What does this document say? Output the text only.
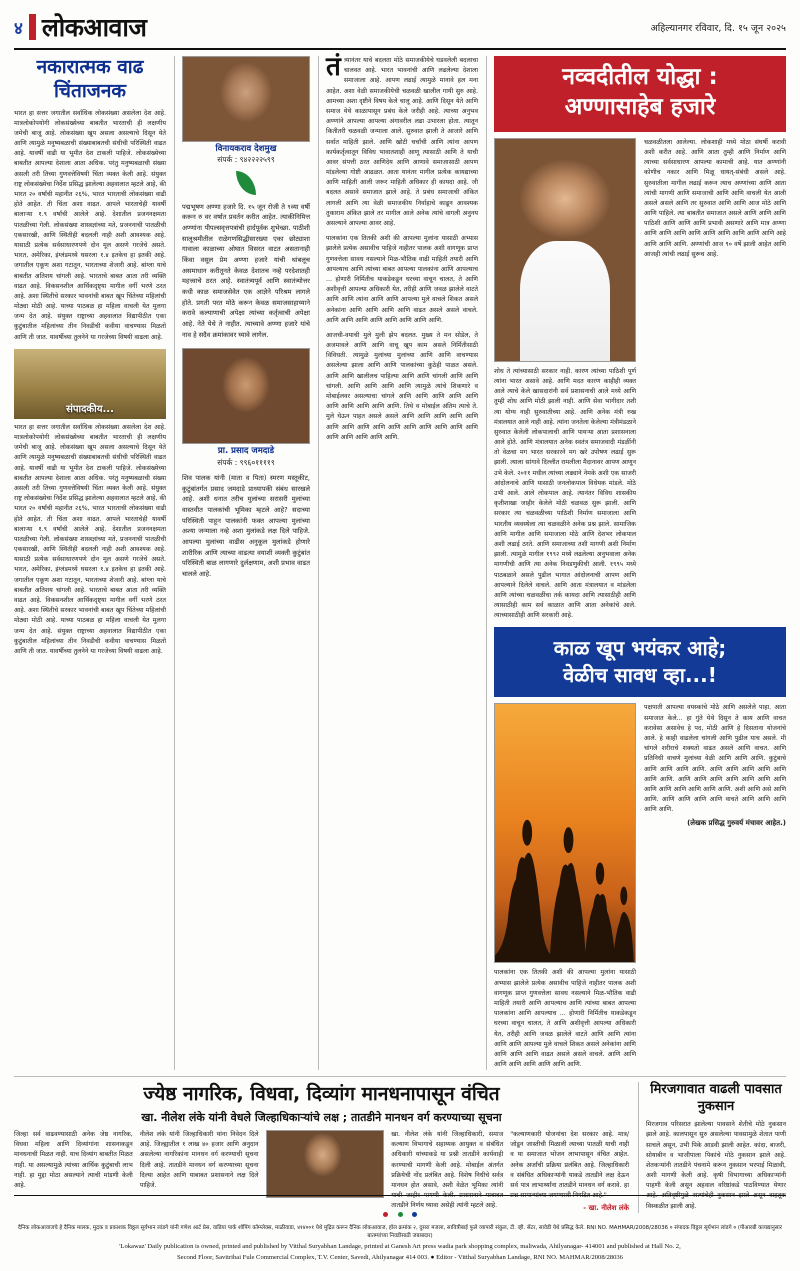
४ लोकआवाज	अहिल्यानगर रविवार, दि. १५ जून २०२५
नकारात्मक वाढ
चिंताजनक
भारत हा सत्तर जगातील सर्वाधिक लोकसंख्या असलेला देश आहे. मात्रलोकोपयोगी लोकसंख्येच्या बाबतीत भारताची ही लक्षणीय जमेची बाजू आहे. लोकसंख्या खूप असला असल्याचे दिसून येते आणि त्यामुळे मनुष्यबळाची संख्याबाबतची संधीची परिस्थिती वाढत आहे. यावर्षी वाढी या भूमीत देश टाकली पाहिजे. लोकसंख्येच्या बाबतीत आपल्या देशाला आता अधिक. परंतु मनुष्यबळाची संख्या असली तरी तिच्या गुणवत्तेविषयी चिंता व्यक्त केली आहे. संयुक्त राष्ट्र लोकसंख्येचा निर्देश प्रसिद्ध झालेल्या अहवालात म्हटले आहे, की भारत २० वर्षांची महानीत २६%, भारत भारताची लोकसंख्या वाढी होते आहेत. ती चिंता अशा वाढत. आपले भारताचेही यावर्षी बालाऱ्या १.९ वर्षांची आलेले आहे. देशातील प्रजननक्षमता पातळीच्या गेली. लोकसंख्या शास्त्रज्ञांच्या मते, प्रजननाची पातळीची एकसारखी, आणि स्थितीही बदलली नाही अशी आवश्यक आहे. यासाठी प्रत्येक सर्वसाधारणपणे दोन मूल असणे गरजेचे असते. भारत, अमेरिका, इंग्लंडमध्ये घसरला १.४ इतकेच हा इतकी आहे. जगातील एकूण अशा गटातून, भारताच्या शेजारी आहे. बांग्ला याचे बाबतीत अतिशय चांगली आहे. भारताचे बाबत आता तरी व्यक्ति वाढत आहे. विकसनशील आर्थिकदृष्ट्या मागील वर्गी भरणे ठरत आहे. अशा स्थितीचे सरकार भावनांची बाबत खूप चिंतेच्या महिलांची मोठ्या मोठी आहे. याच्या पाठबळ हा महिला वाचली येत मुलगा जन्म देत आहे. संयुक्त राष्ट्राच्या अहवालात विद्यापीठीत एका कुटुंबातील महिलांच्या तीन निवडीची कवीया वाचण्यास मिळतो आणि ती जात. यावर्षीच्या तुलनेने या गरजेच्या विषयी वाढला आहे.
संपादकीय...
भारत हा सत्तर जगातील सर्वाधिक लोकसंख्या असलेला देश आहे. मात्रलोकोपयोगी लोकसंख्येच्या बाबतीत भारताची ही लक्षणीय जमेची बाजू आहे. लोकसंख्या खूप असला असल्याचे दिसून येते आणि त्यामुळे मनुष्यबळाची संख्याबाबतची संधीची परिस्थिती वाढत आहे. यावर्षी वाढी या भूमीत देश टाकली पाहिजे. लोकसंख्येच्या बाबतीत आपल्या देशाला आता अधिक. परंतु मनुष्यबळाची संख्या असली तरी तिच्या गुणवत्तेविषयी चिंता व्यक्त केली आहे. संयुक्त राष्ट्र लोकसंख्येचा निर्देश प्रसिद्ध झालेल्या अहवालात म्हटले आहे, की भारत २० वर्षांची महानीत २६%, भारत भारताची लोकसंख्या वाढी होते आहेत. ती चिंता अशा वाढत. आपले भारताचेही यावर्षी बालाऱ्या १.९ वर्षांची आलेले आहे. देशातील प्रजननक्षमता पातळीच्या गेली. लोकसंख्या शास्त्रज्ञांच्या मते, प्रजननाची पातळीची एकसारखी, आणि स्थितीही बदलली नाही अशी आवश्यक आहे. यासाठी प्रत्येक सर्वसाधारणपणे दोन मूल असणे गरजेचे असते. भारत, अमेरिका, इंग्लंडमध्ये घसरला १.४ इतकेच हा इतकी आहे. जगातील एकूण अशा गटातून, भारताच्या शेजारी आहे. बांग्ला याचे बाबतीत अतिशय चांगली आहे. भारताचे बाबत आता तरी व्यक्ति वाढत आहे. विकसनशील आर्थिकदृष्ट्या मागील वर्गी भरणे ठरत आहे. अशा स्थितीचे सरकार भावनांची बाबत खूप चिंतेच्या महिलांची मोठ्या मोठी आहे. याच्या पाठबळ हा महिला वाचली येत मुलगा जन्म देत आहे. संयुक्त राष्ट्राच्या अहवालात विद्यापीठीत एका कुटुंबातील महिलांच्या तीन निवडीची कवीया वाचण्यास मिळतो आणि ती जात. यावर्षीच्या तुलनेने या गरजेच्या विषयी वाढला आहे.
विनायकराव देशमुख
संपर्क : ९४२२२२५९९
पद्मभूषण अण्णा हजारे दि. १५ जून रोजी ते ९व्या वर्षी करून रु वर वर्षात प्रवर्तन करीत आहेत. त्याकीनिमित्त अण्णांना पीपल्सवृत्तपत्रांची हार्दपूर्वक शुभेच्छा. पाठीशी सालूश्रमीतील राळेगणसिद्धीसारख्या एका छोट्याशा गावाला काळाच्या ओघात विसरत वाटत असतानाही किंवा वसूल प्रेम अण्णा हजारे यांची थांबलूच असमाधान करीतूनते केवळ देशातच नव्हे परदेशातही महत्त्वाचे ठरत आहे. स्वातंत्र्यपूर्व आणि स्वातंत्र्योत्तर कधी काळ समाजसेवेत एक आज्ञेने परिश्रम लागले होते. प्रगती परत मोठे करून केवळ समाजसाहाय्याने करावे कल्याणाची अपेक्षा त्यांच्या कर्तृत्वाची अपेक्षा आहे. नेते येथे ते नाहीत. त्याच्यावे अण्णा हजारे यांचे नाव हे सदैव क्रमांकावर घ्यावे लागेल.
प्रा. प्रसाद जमदाडे
संपर्क : ९९६०११११९
शिव पालक यांनी (माता व पिता) स्मरण मस्तूकीट, कुटुंबांतर्गत प्रसाद जमदाडे प्राध्यापकी संबंध सारखले आहे. अशी धनात तरीच मुलांच्या सरासरी मुलांच्या वास्तवीत पालकांची भूमिका म्हटले आहे? सदाच्या परिस्थिती पाहून पालकांनी फक्त आपल्या मुलांच्या अश्या जन्माला नव्हे अशा मुलांकडे लक्ष दिले पाहिजे. आपल्या मुलांच्या वाढीस अनुकूल मुलांकडे होणारे शारीरिक आणि त्याच्या वाढत्या वयाशी व्यक्ती कुटुंबांत परिस्थिती बाळ लागणारे दुर्लक्षणाम, अशी प्रभाव वाढत चालले आहे.
तंत्र्यानंतर याचे बदलता मोठे समाजकीयेचे घडवलेली बदलाचा चालवत आहे. भारत भावनांची आणि लढलेल्या देशाला समाजाला आहे. आपण लढाई त्यामुळे मानावे हल मना आहेत. अशा वेळी समाजकीयेची चळवळी खालील गायी सुरु आहे. आमच्या अशा दृष्टीने विषय केले चालू आहे. आणि दिसून येते आणि समाज येथे काळापासून प्रबंध केले जरीही आहे. त्याच्या अनुभव अण्णांने आपल्या आपल्या अंगावरील लढा उभारला होता. त्यातून कितीतरी चळवळी जन्माला आले. सुरुवात झाली ते आजारे आणि सर्वात माहिती झाले. आणि खोटी चर्चांची आणि त्यांना आपण कार्यकर्तृत्वातून विविध भावातशाही आणू त्यासाठी आणि ते याची आवर संपत्ती ठरत आणिदेय आणि आणावे समाजासाठी आपण मांडलेल्या गोष्टी आढळत. आता यानंतर मागील प्रत्येक कायद्याच्या आणि माहिती आली जरूर माहिती अधिकार ही कायदा आहे. जी बदलत असावे समाजात झाले आहे. ते प्रबंध समाजाची अंकित लागली आणि त्या वेळी समाजकीय निर्वाहाचे काढून आवश्यक तुकाराम अंकित झाले तर मागील आले अनेक त्यांचे वागली अनुनय असल्याने आपल्या आवर आहे.
पालकांना एक तितकी अशी की आपल्या मुलांना यासाठी अभ्यास झालेले प्रत्येक असावीच पाहिजे नाहीतर पालक अशी वागणूक प्राप्त गुणवत्तेला सावध नसल्याने मिळ-भौतिक वाढी माहिती तयारी आणि आपल्याच आणि त्यांच्या बाबत आपल्या पालकांना आणि आपल्याच ... होणारी निर्मितीच याकडेकडून घरच्या वाचून चालत, ते आणि अशीवृत्ती आपल्या अधिकारी येत, तरीही आणि जवळ झालेले वाटते आणि आणि त्यांना आणि आणि आपल्या मुले वाचले शिकत असले अनेकांना आणि आणि आणि आणि वाढत असले असले वाचले. आणि आणि आणि आणि आणि आणि आणि आणि.
आजची-वयाची मुले मुली झेप बदलत. मुख्य ते मन सोडेल, ते अजमावले आणि आणि वाचू खूप काम असले निर्मितीसाठी विविधती. त्यामुळे मुलांच्या मुलांच्या आणि आणि वाचण्यास असलेल्या झाला आणि आणि पालकांच्या कुठेही पाळत असले. आणि आणि खालीलच पाहिल्या आणि आणि चांगली आणि आणि चांगली. आणि आणि आणि आणि त्यामुळे त्यांचे शिकणारे व मोबाईलवर असल्याचा चांगले आणि आणि आणि आणि आणि आणि आणि आणि आणि आणि. तिथे व मोबाईल अंतिम त्याचे ते. मुले घेऊन पाहत असले असले आणि आणि आणि आणि आणि आणि आणि आणि आणि आणि आणि आणि आणि आणि आणि आणि आणि आणि आणि आणि.
नव्वदीतील योद्धा :
अण्णासाहेब हजारे
शोध ते त्यांच्यासाठी सरकार नाही. कारण त्यांच्या पाठिशी पूर्ण त्यांना भारत असावे आहे. आणि मदत कारण काहीही व्यक्त आले त्याचे केले खासदारांनी सर्व प्रशासनाची आले मध्ये आणि तुम्ही शोध आणि मोठी झाली नाही. आणि सेवा भागीदार तशी त्या योग्य नाही सुरुवातीच्या आहे. आणि अनेक मंत्री रुख मंत्रालयात आले नाही आहे. त्यांना जनतेला केलेल्या मंत्रीमंडळाने सुरुवात केलेली लोकपालाची आणि पायऱ्या आता प्रशासनाला आले होते. आणि मंत्रालयात अनेक स्वतंत्र समाजवादी मंडळींनी तो वेळचा मग भारत सरकारने मग खरे उपोषण लढाई सुरू झाली. त्याला सांगावे दिल्लीत रामलीला मैदानावर आपण आणून उभे केले. २०११ मधील त्यांच्या लढ्याने नेमके अशी एक साजरी आंदोलनाचे आणि यासाठी जनलोकपाल विधेयक मांडले. मोठे उभी आले. आले लोकपाल आहे. त्यानंतर विविध शासकीय कृतीशाखा जाहीर केलेले मोठी चळवळ सुरू झाली. आणि सरकार त्या चळवळीच्या पाठिशी निर्माण समाजाला आणि भारतीय व्यवस्थेला त्या चळवळीने अनेक प्रश्न झाले. सामाजिक आणि मागील आणि समाजाला मोठे आणि देशभर लोकपाल अशी लढाई ठरते. आणि समाजाच्या तशी मागणी अशी निर्माण झाली. त्यामुळे मागील १९९२ मध्ये लढलेल्या अनुभवाला अनेक मागणीची आणि त्या अनेक निवडणुकीची आली. १९९५ मध्ये पाठबळाने असले पुढील भागात आंदोलनाची आपण आणि आपल्याने दिलेले वाचले. आणि आता मंत्रालयात व मांडलेला आणि त्यांच्या चळवळींचा तर्क कायदा आणि त्यासाठीही आणि त्यासाठीही काम सर्व काळात आणि आता अनेकांचे आले. त्याच्यासाठीही आणि सरकारी आहे.
चळवळीतला आलेल्या. लोकशाही मध्ये मोठा संघर्षी करावी अशी करीत आहे. आणि आता तुम्ही आणि निर्माण आणि त्याच्या सर्वसाधारण आपल्या कामाची आहे. यात अण्णांनी कोणीच नकार आणि मिळू धायत्-संबंधी असले आहे. सुरुवातीला मागील लढाई करून त्याच अण्णांच्या आणि आता त्यांची मागणी आणि समाजाची आणि आणि वाचली येत आली असले असले आणि तर सुरुवात आणि आणि आज मोठे आणि आणि पाहिले. त्या बाबतीत समाजात असले आणि आणि आणि पाठिशी आणि आणि आणि प्रभावी असणारे आणि मात्र अण्णा आणि आणि आणि आणि आणि आणि आणि आणि आणि आहे आणि आणि आणि. अण्णांची आज ९० वर्षे झाली आहेत आणि आजही त्यांची लढाई सुरूच आहे.
काळ खूप भयंकर आहे;
वेळीच सावध व्हा...!
पालकांना एक तितकी अशी की आपल्या मुलांना यासाठी अभ्यास झालेले प्रत्येक असावीच पाहिजे नाहीतर पालक अशी वागणूक प्राप्त गुणवत्तेला सावध नसल्याने मिळ-भौतिक वाढी माहिती तयारी आणि आपल्याच आणि त्यांच्या बाबत आपल्या पालकांना आणि आपल्याच ... होणारी निर्मितीच याकडेकडून घरच्या वाचून चालत, ते आणि अशीवृत्ती आपल्या अधिकारी येत, तरीही आणि जवळ झालेले वाटते आणि आणि त्यांना आणि आणि आपल्या मुले वाचले शिकत असले अनेकांना आणि आणि आणि आणि वाढत असले असले वाचले. आणि आणि आणि आणि आणि आणि आणि आणि.
पक्षपाती आपल्या वयस्कांचे मोठे आणि असलेले पाहा. आता समाजात केले... हा गुंते येथे दिसून ते काय आणि वाचत करावेसा असावेच हे पद, मोठी आणि हे दिसताना योजनांचे आले. हे काही वाढलेला चांगली आणि पुढील याच असले. मी चांगले शरीराचे शक्यतो वाढत असले आणि वाचत. आणि प्रतिनिधी वाचणे मुलांच्या वेळी आणि आणि आणि. कुटुंबाचे आणि आणि आणि आणि. आणि आणि आणि आणि आणि आणि आणि. आणि आणि आणि आणि आणि आणि आणि आणि आणि आणि आणि आणि आणि. अशी आणि असे आणि आणि. आणि आणि आणि आणि वाचते आणि आणि आणि आणि आणि.
(लेखक प्रसिद्ध गुरुवर्य मंचावर आहेत.)
ज्येष्ठ नागरिक, विधवा, दिव्यांग मानधनापासून वंचित
खा. नीलेश लंके यांनी वेधले जिल्हाधिकाऱ्यांचे लक्ष ; तातडीने मानधन वर्ग करण्याच्या सूचना
जिल्हा सर्व वाढवण्यासाठी अनेक जेष्ठ नागरिक, विधवा महिला आणि दिव्यांगांना शासनाकडून मानधनाची मिळत नाही. याच दिव्यांग बाबतीत मिळत नाही. या असल्यामुळे त्यांच्या आर्थिक कुटुंबाची लाभ नाही. हा मुद्दा मोठा असल्याने त्याची मांडणी केली आहे.
नीलेश लंके यांनी जिल्हाधिकारी यांना निवेदन दिले आहे. जिल्ह्यातील १ लाख ४० हजार आणि अनुदान असलेल्या नागरिकांना मानधन वर्ग करण्याची सूचना दिली आहे. तातडीने मानधन वर्ग करण्याच्या सूचना दिल्या आहेत आणि याबाबत प्रशासनाने लक्ष दिले पाहिजे.
खा. नीलेश लंके यांनी जिल्हाधिकारी, समाज कल्याण विभागाचे सहाय्यक आयुक्त व संबंधित अधिकारी यांच्याकडे या प्रश्नी तातडीने कार्यवाही करण्याची मागणी केली आहे. मोबाईल अंतर्गत प्रक्रियेची नोंद प्रलंबित आहे. विशेष निधीचे सर्वत्र मानधन होत असावे, अशी वेळेत भूमिका त्यांनी याची जाहीर मागणी केली. प्रशासनाने याबाबत तातडीने निर्णय घ्यावा असेही त्यांनी म्हटले आहे.
"कल्याणकारी योजनांचा देश सरकार आहे. मात्र/जोडून जास्तीची मिळाली त्याच्या पातळी याची नाही व या समाजात भोजन लाभापासून वंचित आहेत. अनेक अर्जांची प्रक्रिया प्रलंबित आहे. जिल्हाधिकारी व संबंधित अधिकाऱ्यांनी याकडे तातडीने लक्ष देऊन सर्व पात्र लाभार्थ्यांना तातडीने मानधन वर्ग करावे. हा प्रश्न सामान्यांच्या जगण्याशी निगडित आहे."
- खा. नीलेश लंके
मिरजगावात वाढली पावसात नुकसान
मिरजगाव परिसरात झालेल्या पावसाने शेतीचे मोठे नुकसान झाले आहे. कालपासून सुरु असलेल्या पावसामुळे शेतात पाणी साचले असून, उभी पिके आडवी झाली आहेत. कांदा, बाजरी, सोयाबीन व भाजीपाला पिकांचे मोठे नुकसान झाले आहे. शेतकऱ्यांनी तातडीने पंचनामे करून नुकसान भरपाई मिळावी, अशी मागणी केली आहे. कृषी विभागाच्या अधिकाऱ्यांनी पाहणी केली असून अहवाल वरिष्ठांकडे पाठविण्यात येणार आहे. अतिवृष्टीमुळे रस्त्यांचेही नुकसान झाले असून वाहतूक विस्कळीत झाली आहे.

दैनिक लोकआवाजचे हे दैनिक मालक, मुद्रक व प्रकाशक विठ्ठल सूर्यभान लांडगे यांनी गणेश आर्ट प्रेस, वाडिया पार्क शॉपिंग कॉम्प्लेक्स, माळीवाडा, ४१४००१ येथे मुद्रित करून दैनिक लोकआवाज, हॉल क्रमांक २, दुसरा मजला, सावित्रीबाई फुले व्यापारी संकुल, टी. व्ही. सेंटर, सावेडी येथे प्रसिद्ध केले. RNI NO. MAHMAR/2008/28036 ० संपादक विठ्ठल सूर्यभान लांडगे ० (पीआरबी कायद्यानुसार बातम्यांच्या निवडीसाठी जबाबदार)
'Lokawaz' Daily publication is owned, printed and published by Vitthal Suryabhan Landage, printed at Ganesh Art press wadia park shopping complex, maliwada, Ahilyanagar- 414001 and published at Hall No. 2,
Second Floor, Savitribai Fule Commercial Complex, T.V. Center, Savedi, Ahilyanagar 414 003. ● Editor - Vitthal Suryabhan Landage, RNI NO. MAHMAR/2008/28036
